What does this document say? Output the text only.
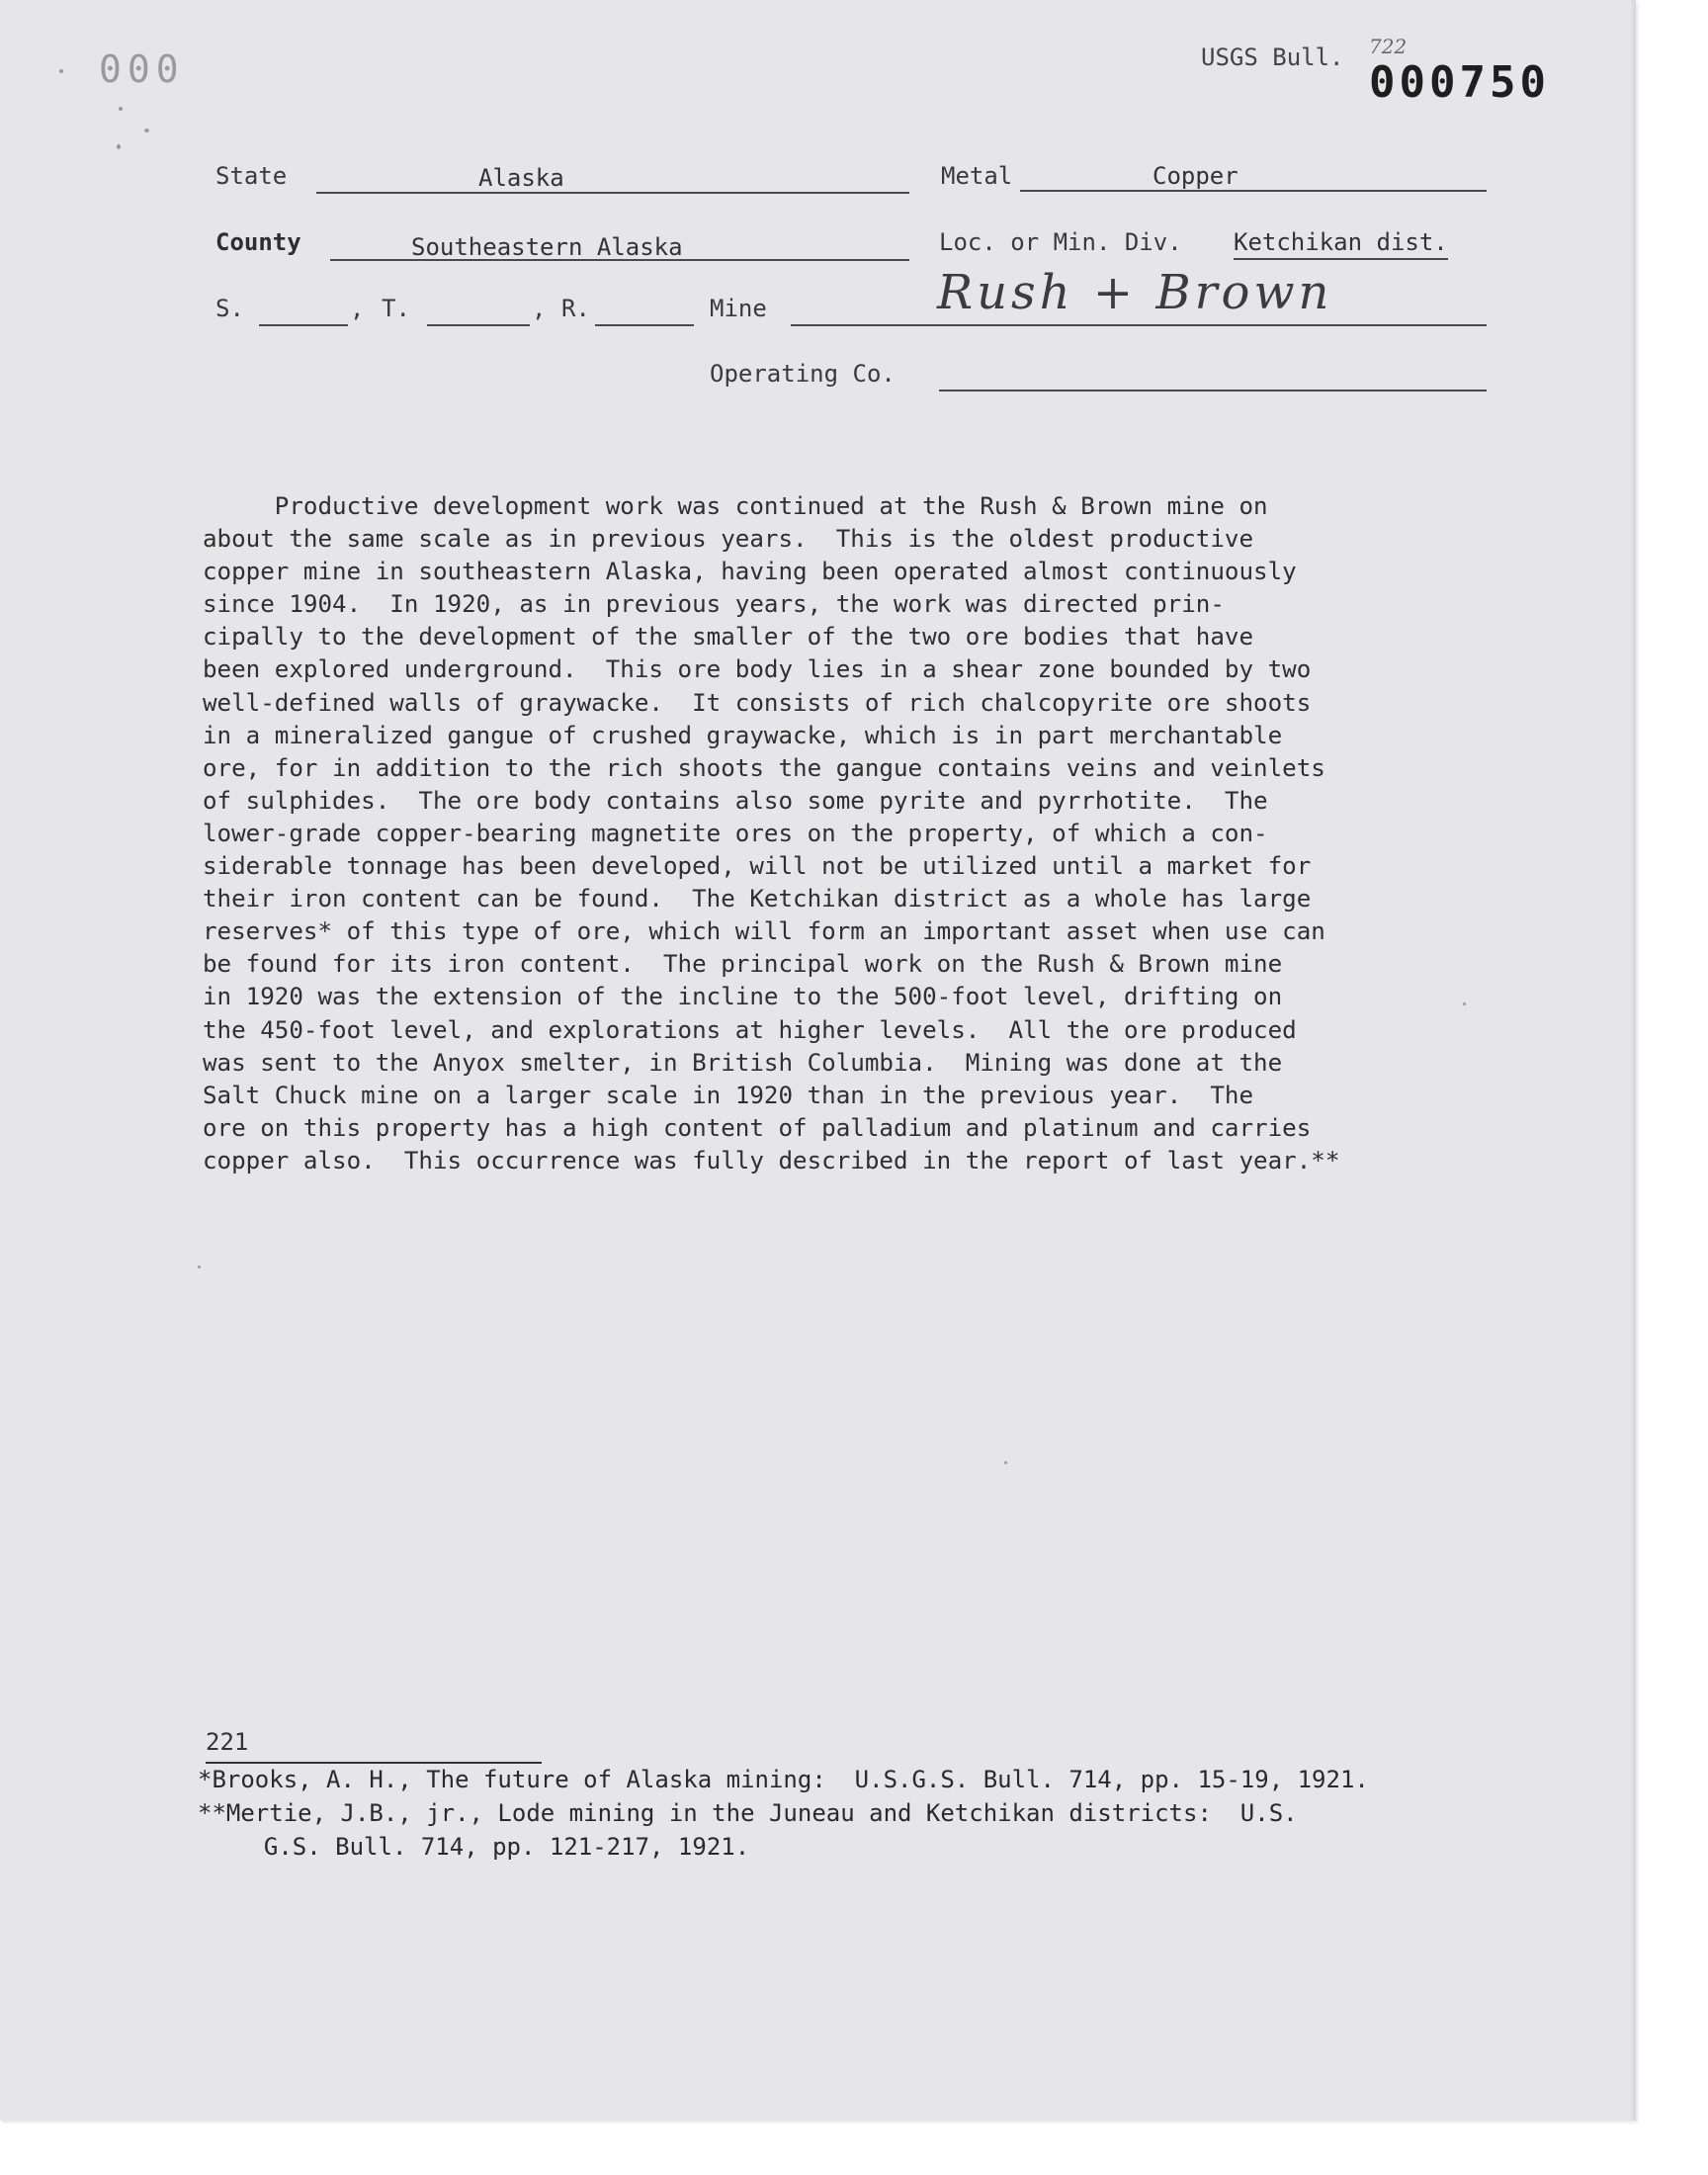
000	USGS Bull. 722
000750
State	Alaska	Metal	Copper
County	Southeastern Alaska	Loc. or Min. Div. Ketchikan dist.
S.	, T.	, R.	Mine	Rush + Brown
Operating Co.
Productive development work was continued at the Rush & Brown mine on
about the same scale as in previous years.  This is the oldest productive
copper mine in southeastern Alaska, having been operated almost continuously
since 1904.  In 1920, as in previous years, the work was directed prin-
cipally to the development of the smaller of the two ore bodies that have
been explored underground.  This ore body lies in a shear zone bounded by two
well-defined walls of graywacke.  It consists of rich chalcopyrite ore shoots
in a mineralized gangue of crushed graywacke, which is in part merchantable
ore, for in addition to the rich shoots the gangue contains veins and veinlets
of sulphides.  The ore body contains also some pyrite and pyrrhotite.  The
lower-grade copper-bearing magnetite ores on the property, of which a con-
siderable tonnage has been developed, will not be utilized until a market for
their iron content can be found.  The Ketchikan district as a whole has large
reserves* of this type of ore, which will form an important asset when use can
be found for its iron content.  The principal work on the Rush & Brown mine
in 1920 was the extension of the incline to the 500-foot level, drifting on
the 450-foot level, and explorations at higher levels.  All the ore produced
was sent to the Anyox smelter, in British Columbia.  Mining was done at the
Salt Chuck mine on a larger scale in 1920 than in the previous year.  The
ore on this property has a high content of palladium and platinum and carries
copper also.  This occurrence was fully described in the report of last year.**
221
*Brooks, A. H., The future of Alaska mining:  U.S.G.S. Bull. 714, pp. 15-19, 1921.
**Mertie, J.B., jr., Lode mining in the Juneau and Ketchikan districts:  U.S.
G.S. Bull. 714, pp. 121-217, 1921.
